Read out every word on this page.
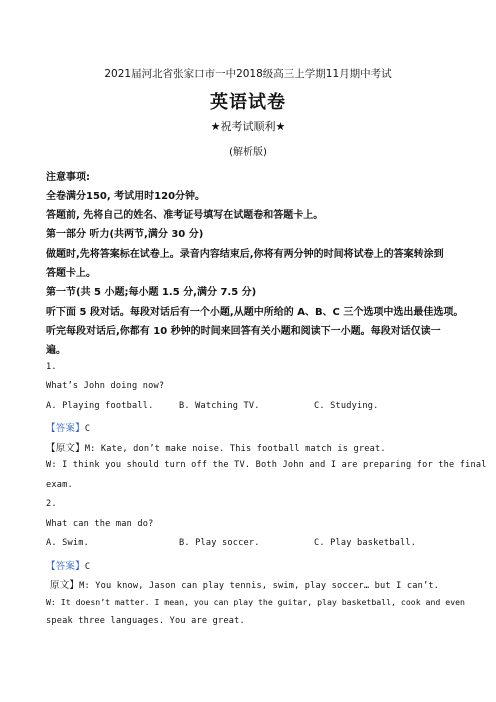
2021届河北省张家口市一中2018级高三上学期11月期中考试
英语试卷
★祝考试顺利★
(解析版)
注意事项:
全卷满分150, 考试用时120分钟。
答题前, 先将自己的姓名、准考证号填写在试题卷和答题卡上。
第一部分 听力(共两节,满分 30 分)
做题时,先将答案标在试卷上。录音内容结束后,你将有两分钟的时间将试卷上的答案转涂到
答题卡上。
第一节(共 5 小题;每小题 1.5 分,满分 7.5 分)
听下面 5 段对话。每段对话后有一个小题,从题中所给的 A、B、C 三个选项中选出最佳选项。
听完每段对话后,你都有 10 秒钟的时间来回答有关小题和阅读下一小题。每段对话仅读一
遍。
1.
What’s John doing now?
A. Playing football.	B. Watching TV.	C. Studying.
【答案】C
【原文】M: Kate, don’t make noise. This football match is great.
W: I think you should turn off the TV. Both John and I are preparing for the final
exam.
2.
What can the man do?
A. Swim.	B. Play soccer.	C. Play basketball.
【答案】C
原文】M: You know, Jason can play tennis, swim, play soccer… but I can’t.
W: It doesn’t matter. I mean, you can play the guitar, play basketball, cook and even
speak three languages. You are great.
